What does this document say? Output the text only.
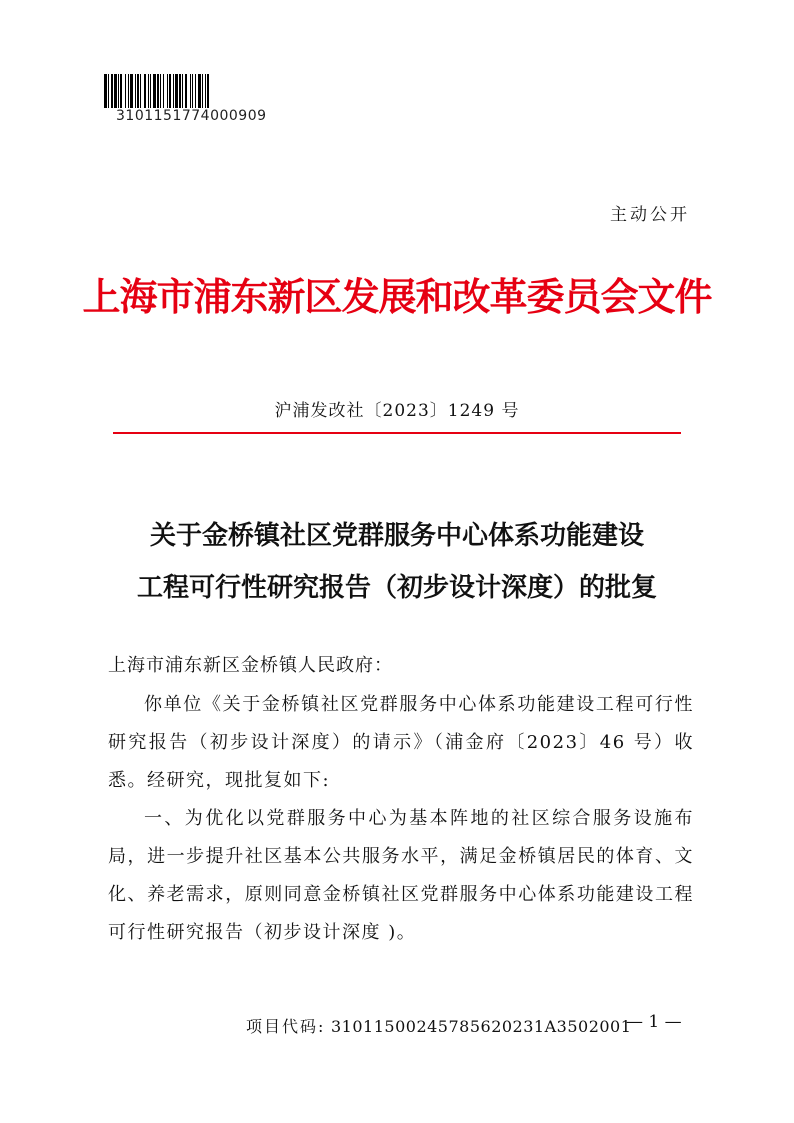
3101151774000909
主动公开
上海市浦东新区发展和改革委员会文件
沪浦发改社〔2023〕1249 号
关于金桥镇社区党群服务中心体系功能建设
工程可行性研究报告（初步设计深度）的批复
上海市浦东新区金桥镇人民政府：
你单位《关于金桥镇社区党群服务中心体系功能建设工程可行性研究报告（初步设计深度）的请示》（浦金府〔2023〕46 号）收悉。经研究，现批复如下:
一、为优化以党群服务中心为基本阵地的社区综合服务设施布局，进一步提升社区基本公共服务水平，满足金桥镇居民的体育、文化、养老需求，原则同意金桥镇社区党群服务中心体系功能建设工程可行性研究报告（初步设计深度 )。
项目代码: 31011500245785620231A3502001
— 1 —
